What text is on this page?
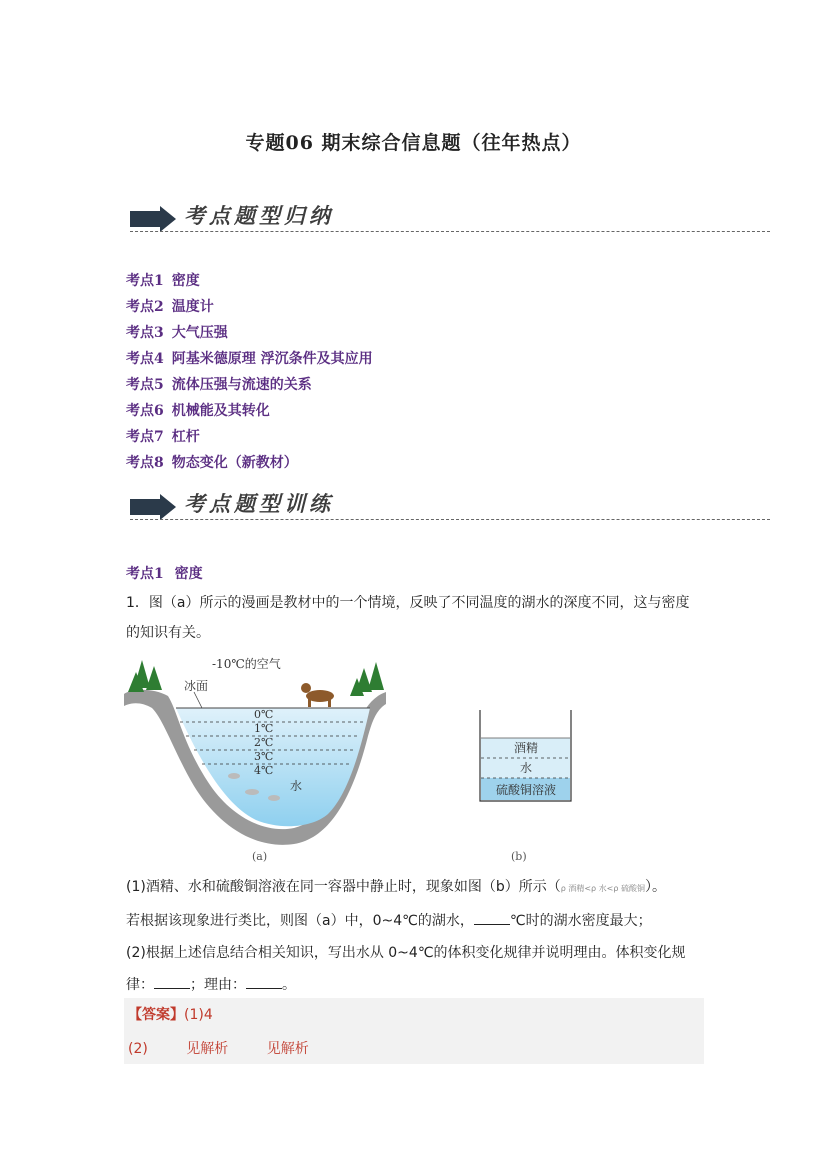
专题06 期末综合信息题（往年热点）
考点题型归纳
考点1 密度
考点2 温度计
考点3 大气压强
考点4 阿基米德原理 浮沉条件及其应用
考点5 流体压强与流速的关系
考点6 机械能及其转化
考点7 杠杆
考点8 物态变化（新教材）
考点题型训练
考点1 密度
1．图（a）所示的漫画是教材中的一个情境，反映了不同温度的湖水的深度不同，这与密度
的知识有关。
-10℃的空气
冰面
0℃
1℃
2℃
3℃
4℃
水
(a)
酒精
水
硫酸铜溶液
(b)
(1)酒精、水和硫酸铜溶液在同一容器中静止时，现象如图（b）所示（ρ 酒精<ρ 水<ρ 硫酸铜）。
若根据该现象进行类比，则图（a）中，0~4℃的湖水，	℃时的湖水密度最大；
(2)根据上述信息结合相关知识，写出水从 0~4℃的体积变化规律并说明理由。体积变化规
律：	；理由：	。
【答案】(1)4
(2)	见解析	见解析
